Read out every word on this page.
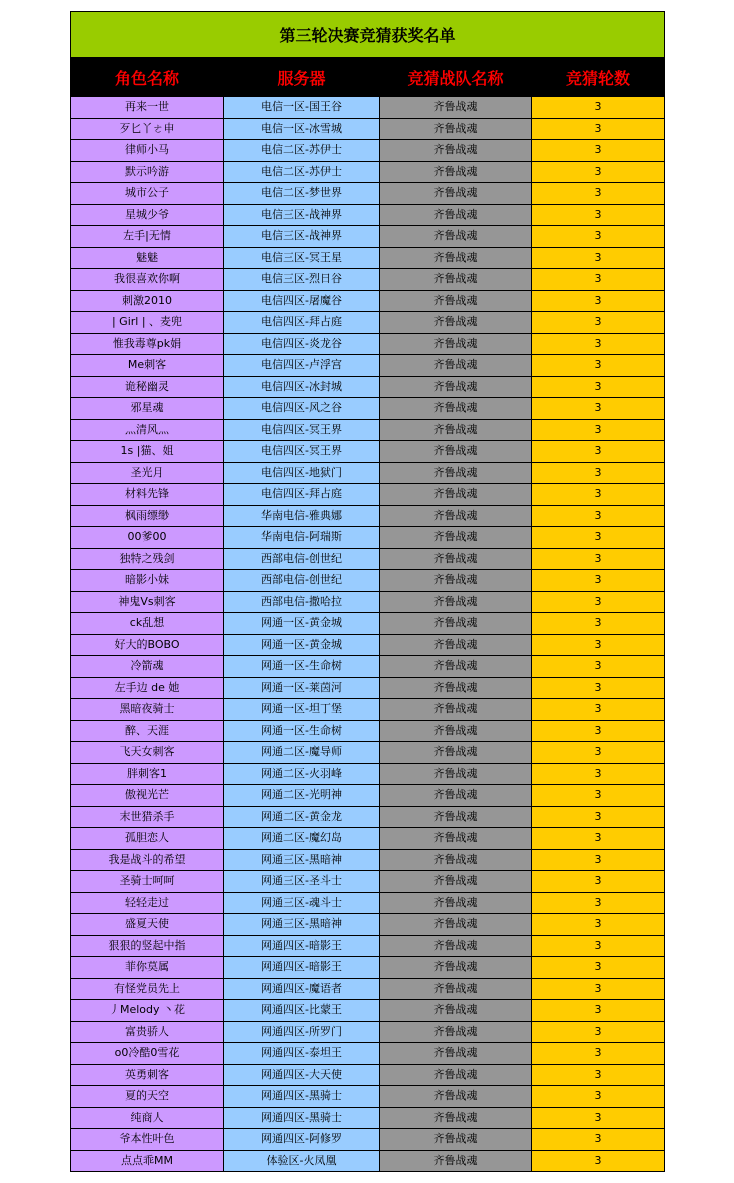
第三轮决赛竞猜获奖名单			
角色名称	服务器	竞猜战队名称	竞猜轮数
再来一世	电信一区-国王谷	齐鲁战魂	3
歹匕丫ㄜ申	电信一区-冰雪城	齐鲁战魂	3
律师小马	电信二区-苏伊士	齐鲁战魂	3
默示吟游	电信二区-苏伊士	齐鲁战魂	3
城市公子	电信二区-梦世界	齐鲁战魂	3
星城少爷	电信三区-战神界	齐鲁战魂	3
左手|无情	电信三区-战神界	齐鲁战魂	3
魅魅	电信三区-冥王星	齐鲁战魂	3
我很喜欢你啊	电信三区-烈日谷	齐鲁战魂	3
刺激2010	电信四区-屠魔谷	齐鲁战魂	3
| Girl | 、麦兜	电信四区-拜占庭	齐鲁战魂	3
惟我毒尊pk娟	电信四区-炎龙谷	齐鲁战魂	3
Me刺客	电信四区-卢浮宫	齐鲁战魂	3
诡秘幽灵	电信四区-冰封城	齐鲁战魂	3
邪星魂	电信四区-风之谷	齐鲁战魂	3
灬清风灬	电信四区-冥王界	齐鲁战魂	3
1s |猫、姐	电信四区-冥王界	齐鲁战魂	3
圣光月	电信四区-地狱门	齐鲁战魂	3
材料先锋	电信四区-拜占庭	齐鲁战魂	3
枫雨缥缈	华南电信-雅典娜	齐鲁战魂	3
00爹00	华南电信-阿瑞斯	齐鲁战魂	3
独特之残剑	西部电信-创世纪	齐鲁战魂	3
暗影小妹	西部电信-创世纪	齐鲁战魂	3
神鬼Vs刺客	西部电信-撒哈拉	齐鲁战魂	3
ck乱想	网通一区-黄金城	齐鲁战魂	3
好大的BOBO	网通一区-黄金城	齐鲁战魂	3
冷箭魂	网通一区-生命树	齐鲁战魂	3
左手边 de 她	网通一区-莱茵河	齐鲁战魂	3
黑暗夜骑士	网通一区-坦丁堡	齐鲁战魂	3
醉、天涯	网通一区-生命树	齐鲁战魂	3
飞天女刺客	网通二区-魔导师	齐鲁战魂	3
胖刺客1	网通二区-火羽峰	齐鲁战魂	3
傲视光芒	网通二区-光明神	齐鲁战魂	3
末世猎杀手	网通二区-黄金龙	齐鲁战魂	3
孤胆恋人	网通二区-魔幻岛	齐鲁战魂	3
我是战斗的希望	网通三区-黑暗神	齐鲁战魂	3
圣骑士呵呵	网通三区-圣斗士	齐鲁战魂	3
轻轻走过	网通三区-魂斗士	齐鲁战魂	3
盛夏天使	网通三区-黑暗神	齐鲁战魂	3
狠狠的竖起中指	网通四区-暗影王	齐鲁战魂	3
菲你莫属	网通四区-暗影王	齐鲁战魂	3
有怪党员先上	网通四区-魔语者	齐鲁战魂	3
丿Melody 丶花	网通四区-比蒙王	齐鲁战魂	3
富贵骄人	网通四区-所罗门	齐鲁战魂	3
o0冷酷0雪花	网通四区-泰坦王	齐鲁战魂	3
英勇刺客	网通四区-大天使	齐鲁战魂	3
夏的天空	网通四区-黑骑士	齐鲁战魂	3
纯商人	网通四区-黑骑士	齐鲁战魂	3
爷本性叶色	网通四区-阿修罗	齐鲁战魂	3
点点乖MM	体验区-火凤凰	齐鲁战魂	3
